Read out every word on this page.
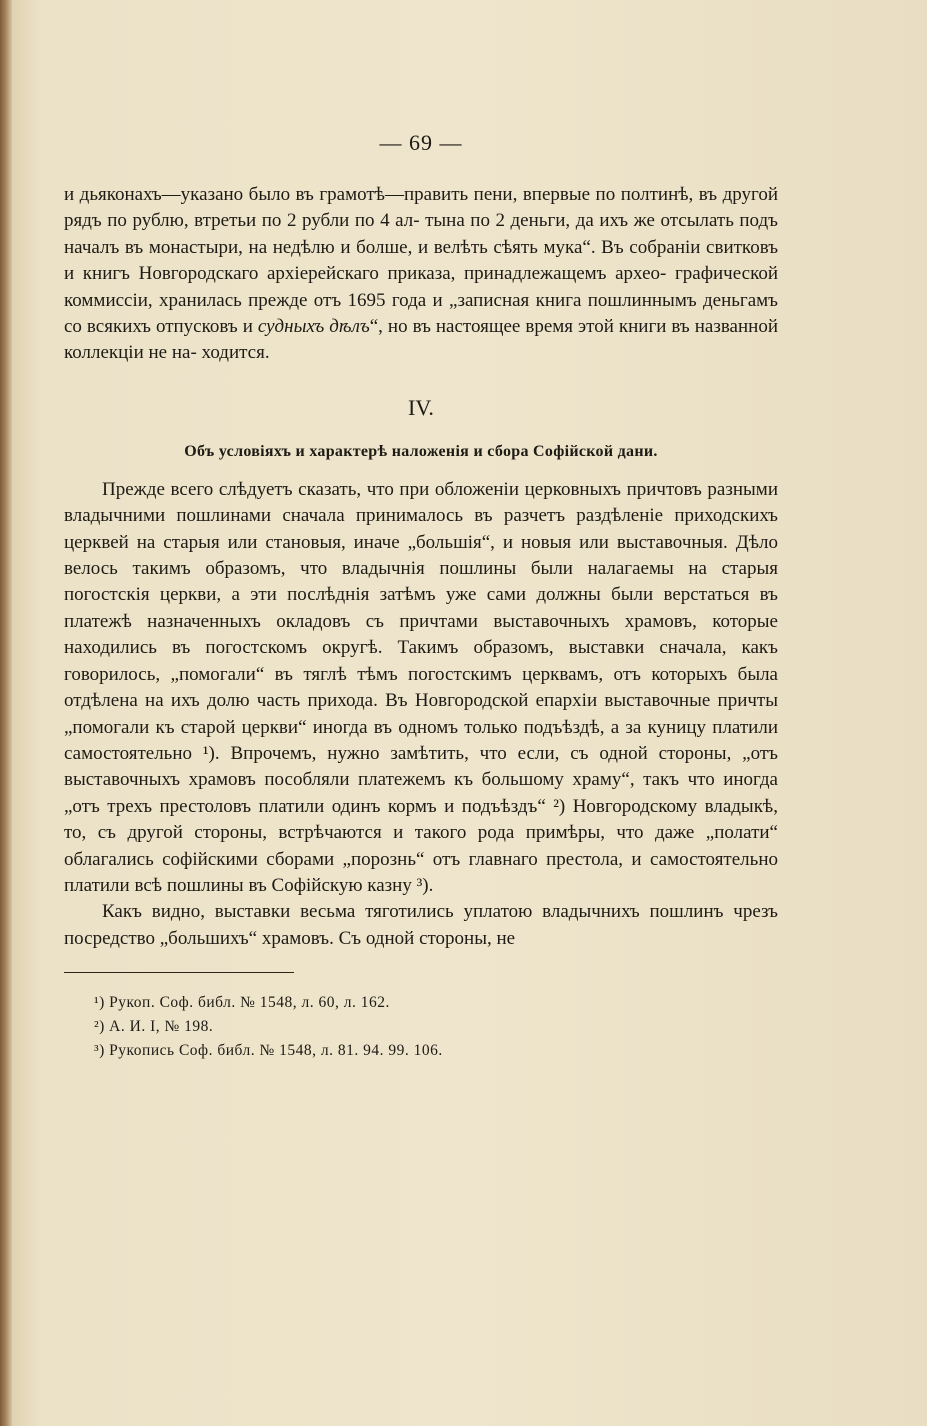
— 69 —

и дьяконахъ—указано было въ грамотѣ—править пени, впервые по полтинѣ, въ другой рядъ по рублю, втретьи по 2 рубли по 4 ал- тына по 2 деньги, да ихъ же отсылать подъ началъ въ монастыри, на недѣлю и болше, и велѣть сѣять мука“. Въ собраніи свитковъ и книгъ Новгородскаго архіерейскаго приказа, принадлежащемъ архео- графической коммиссіи, хранилась прежде отъ 1695 года и „записная книга пошлиннымъ деньгамъ со всякихъ отпусковъ и судныхъ дѣлъ“, но въ настоящее время этой книги въ названной коллекціи не на- ходится.

IV.
Объ условіяхъ и характерѣ наложенія и сбора Софійской дани.

Прежде всего слѣдуетъ сказать, что при обложеніи церковныхъ причтовъ разными владычними пошлинами сначала принималось въ разчетъ раздѣленіе приходскихъ церквей на старыя или становыя, иначе „большія“, и новыя или выставочныя. Дѣло велось такимъ образомъ, что владычнія пошлины были налагаемы на старыя погостскія церкви, а эти послѣднія затѣмъ уже сами должны были верстаться въ платежѣ назначенныхъ окладовъ съ причтами выставочныхъ храмовъ, которые находились въ погостскомъ округѣ. Такимъ образомъ, выставки сначала, какъ говорилось, „помогали“ въ тяглѣ тѣмъ погостскимъ церквамъ, отъ которыхъ была отдѣлена на ихъ долю часть прихода. Въ Новгородской епархіи выставочные причты „помогали къ старой церкви“ иногда въ одномъ только подъѣздѣ, а за куницу платили самостоятельно ¹). Впрочемъ, нужно замѣтить, что если, съ одной стороны, „отъ выставочныхъ храмовъ пособляли платежемъ къ большому храму“, такъ что иногда „отъ трехъ престоловъ платили одинъ кормъ и подъѣздъ“ ²) Новгородскому владыкѣ, то, съ другой стороны, встрѣчаются и такого рода примѣры, что даже „полати“ облагались софійскими сборами „порознь“ отъ главнаго престола, и самостоятельно платили всѣ пошлины въ Софійскую казну ³).

Какъ видно, выставки весьма тяготились уплатою владычнихъ пошлинъ чрезъ посредство „большихъ“ храмовъ. Съ одной стороны, не

¹) Рукоп. Соф. библ. № 1548, л. 60, л. 162.
²) А. И. I, № 198.
³) Рукопись Соф. библ. № 1548, л. 81. 94. 99. 106.
